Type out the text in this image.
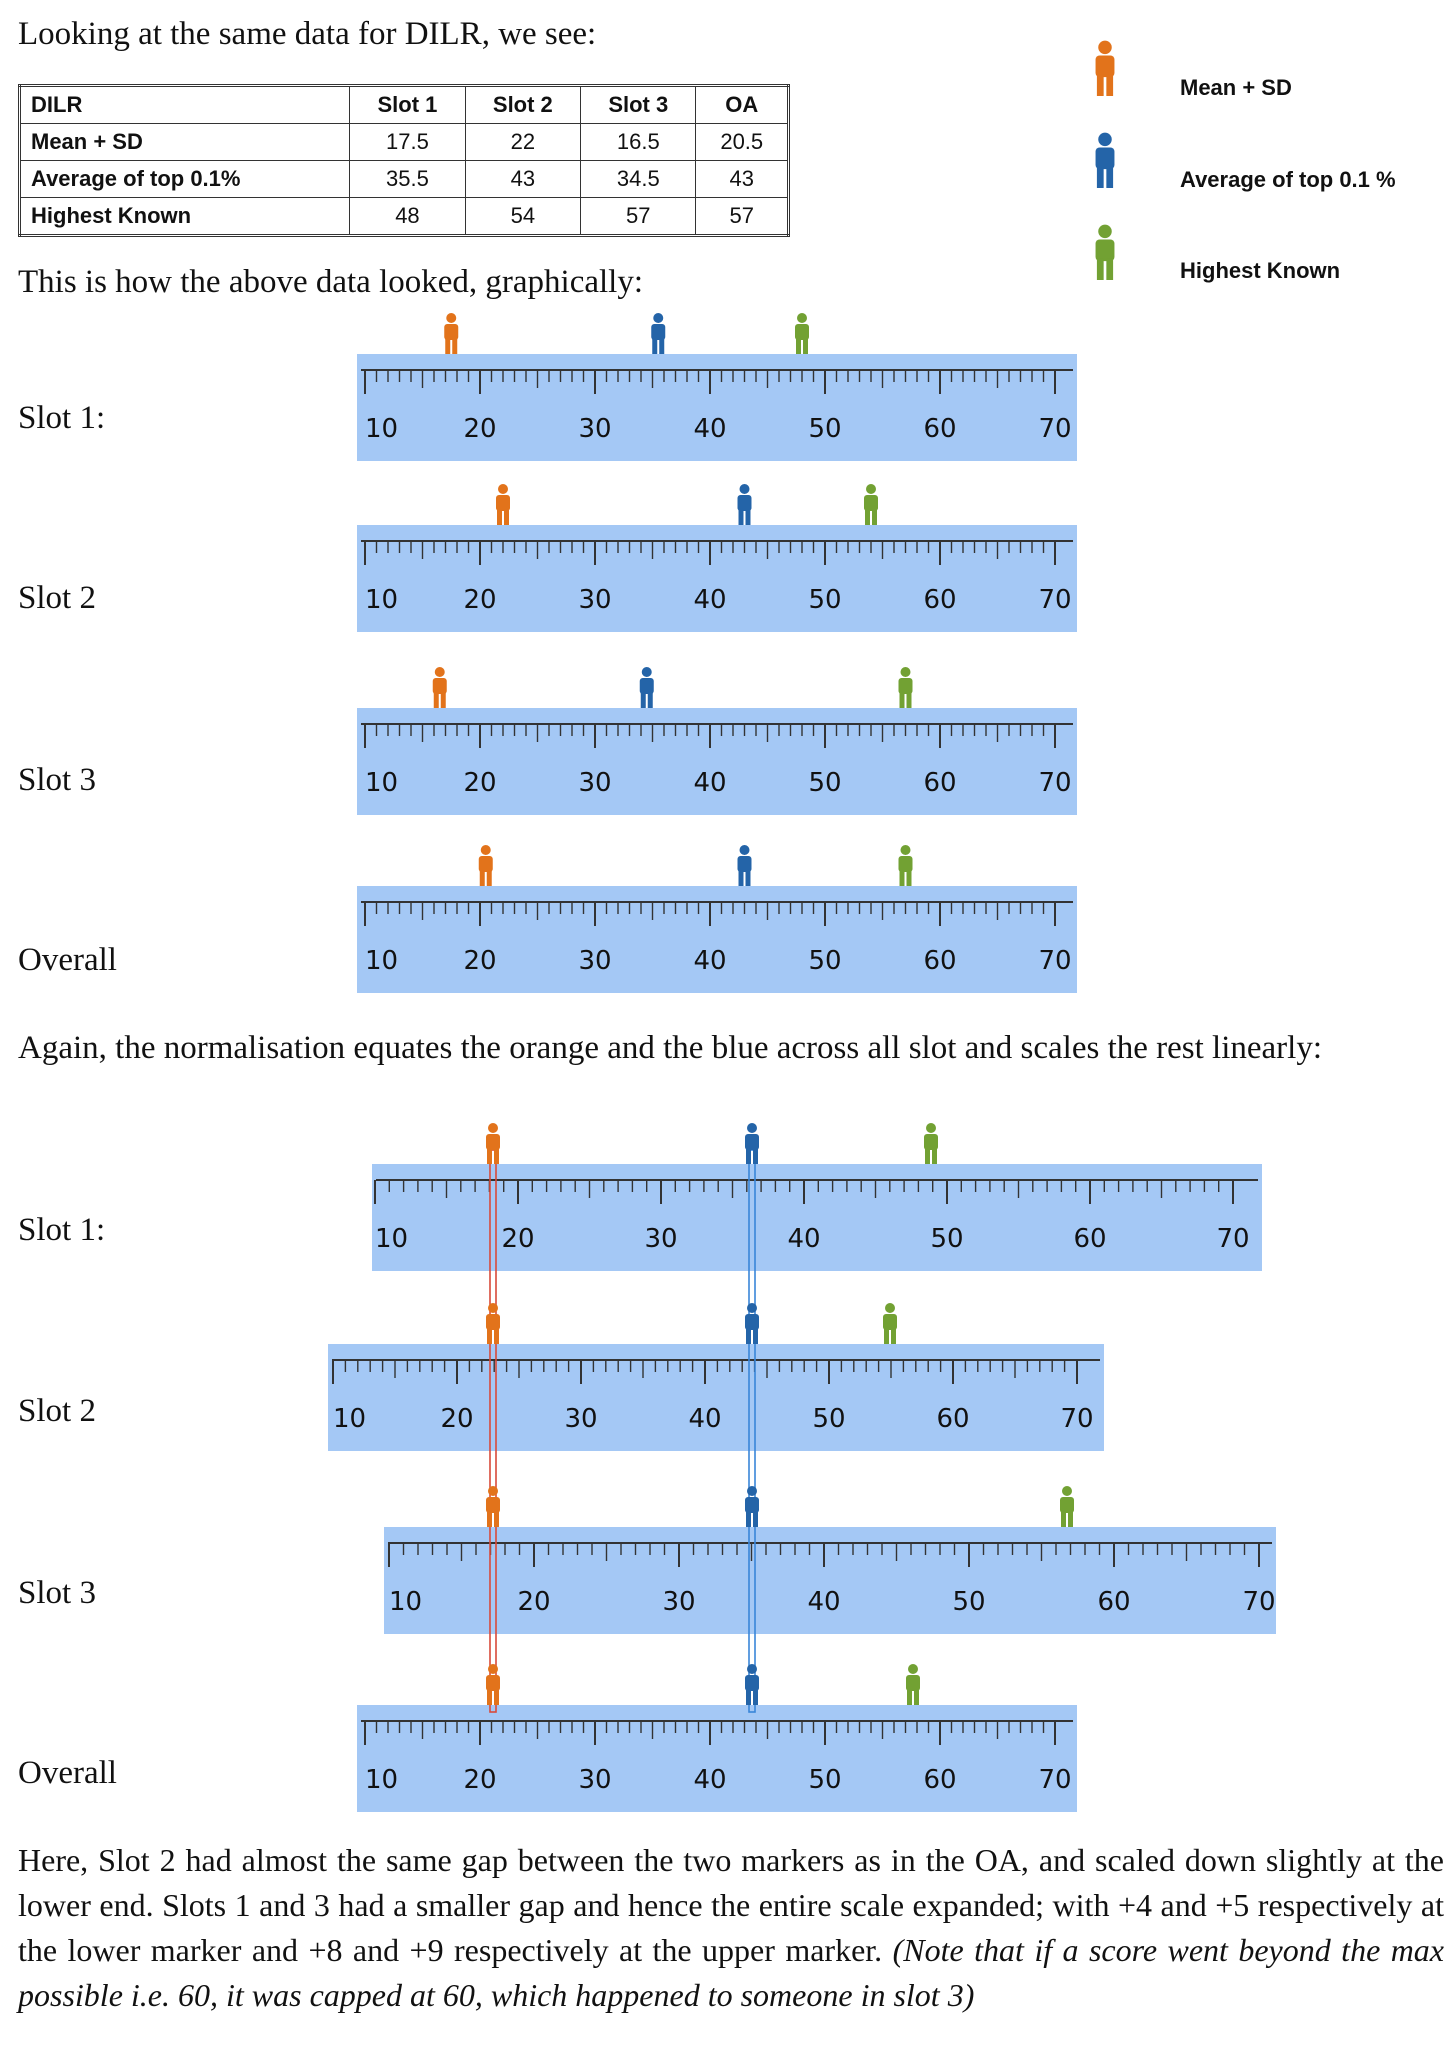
Looking at the same data for DILR, we see:
DILR	Slot 1	Slot 2	Slot 3	OA
Mean + SD	17.5	22	16.5	20.5
Average of top 0.1%	35.5	43	34.5	43
Highest Known	48	54	57	57
Mean + SD
Average of top 0.1 %
Highest Known
This is how the above data looked, graphically:
Slot 1:
Slot 2
Slot 3
Overall
Again, the normalisation equates the orange and the blue across all slot and scales the rest linearly:
Slot 1:
Slot 2
Slot 3
Overall
Here, Slot 2 had almost the same gap between the two markers as in the OA, and scaled down slightly at the lower end. Slots 1 and 3 had a smaller gap and hence the entire scale expanded; with +4 and +5 respectively at the lower marker and +8 and +9 respectively at the upper marker. (Note that if a score went beyond the max possible i.e. 60, it was capped at 60, which happened to someone in slot 3)
10	20	30	40	50	60	70
10	20	30	40	50	60	70
10	20	30	40	50	60	70
10	20	30	40	50	60	70
10	20	30	40	50	60	70
10	20	30	40	50	60	70
10	20	30	40	50	60	70
10	20	30	40	50	60	70
